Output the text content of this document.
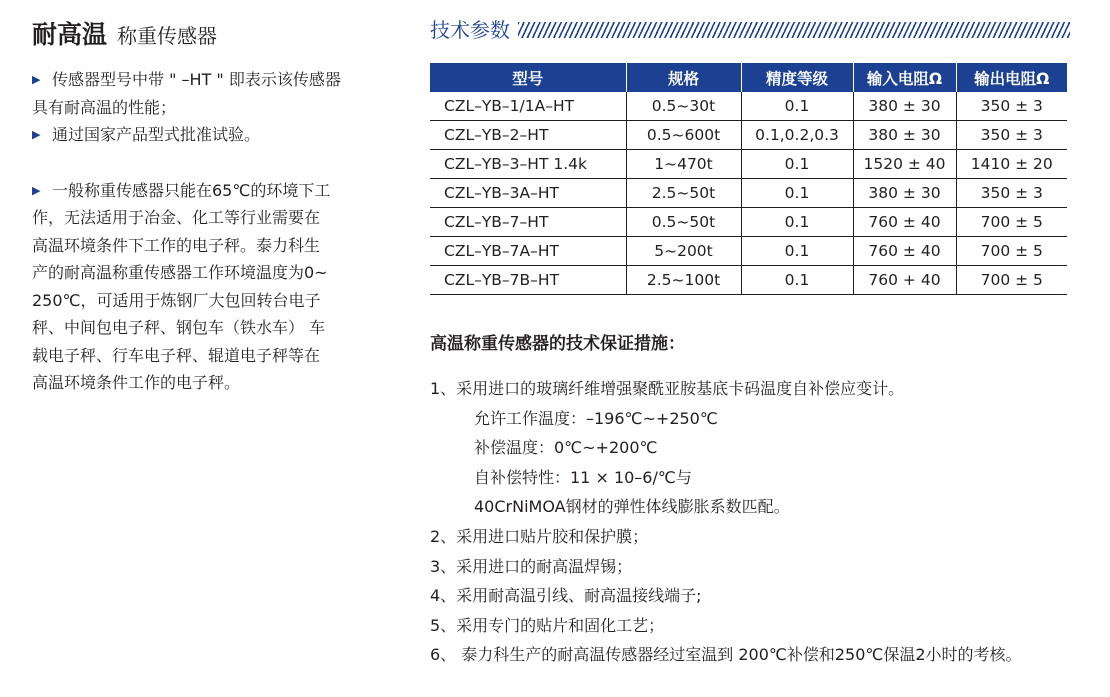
耐高温 称重传感器
▶ 传感器型号中带 " –HT " 即表示该传感器
具有耐高温的性能；
▶ 通过国家产品型式批准试验。
▶ 一般称重传感器只能在65℃的环境下工
作，无法适用于冶金、化工等行业需要在
高温环境条件下工作的电子秤。泰力科生
产的耐高温称重传感器工作环境温度为0~
250℃，可适用于炼钢厂大包回转台电子
秤、中间包电子秤、钢包车（铁水车） 车
载电子秤、行车电子秤、辊道电子秤等在
高温环境条件工作的电子秤。
技术参数
型号	规格	精度等级	输入电阻Ω	输出电阻Ω
CZL–YB–1/1A–HT	0.5~30t	0.1	380 ± 30	350 ± 3
CZL–YB–2–HT	0.5~600t	0.1,0.2,0.3	380 ± 30	350 ± 3
CZL–YB–3–HT 1.4k	1~470t	0.1	1520 ± 40	1410 ± 20
CZL–YB–3A–HT	2.5~50t	0.1	380 ± 30	350 ± 3
CZL–YB–7–HT	0.5~50t	0.1	760 ± 40	700 ± 5
CZL–YB–7A–HT	5~200t	0.1	760 ± 40	700 ± 5
CZL–YB–7B–HT	2.5~100t	0.1	760 + 40	700 ± 5
高温称重传感器的技术保证措施：
1、采用进口的玻璃纤维增强聚酰亚胺基底卡码温度自补偿应变计。
允许工作温度：–196℃~+250℃
补偿温度：0℃~+200℃
自补偿特性：11 × 10–6/℃与
40CrNiMOA钢材的弹性体线膨胀系数匹配。
2、采用进口贴片胶和保护膜；
3、采用进口的耐高温焊锡；
4、采用耐高温引线、耐高温接线端子;
5、采用专门的贴片和固化工艺；
6、 泰力科生产的耐高温传感器经过室温到 200℃补偿和250℃保温2小时的考核。
